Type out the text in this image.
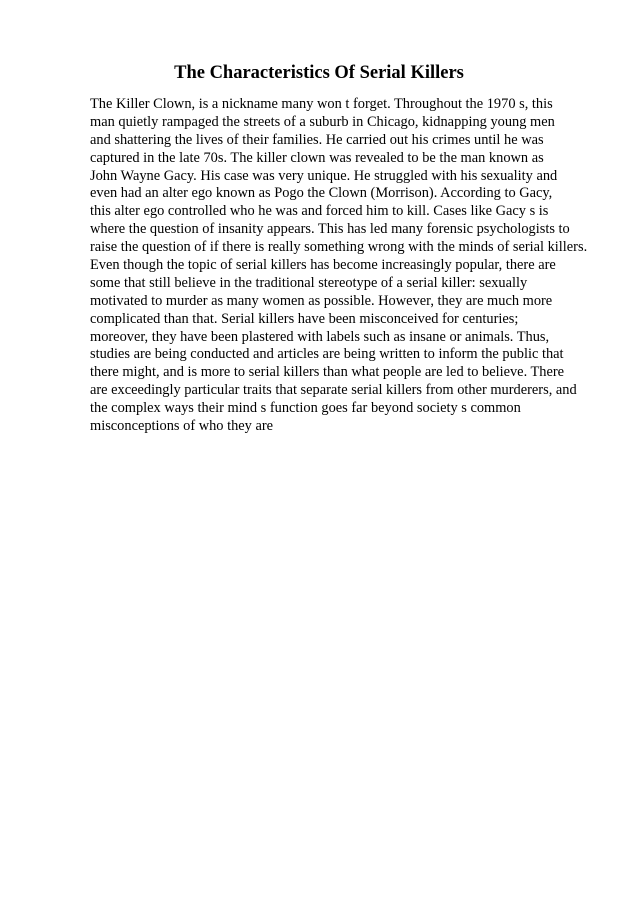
The Characteristics Of Serial Killers
The Killer Clown, is a nickname many won t forget. Throughout the 1970 s, this
man quietly rampaged the streets of a suburb in Chicago, kidnapping young men
and shattering the lives of their families. He carried out his crimes until he was
captured in the late 70s. The killer clown was revealed to be the man known as
John Wayne Gacy. His case was very unique. He struggled with his sexuality and
even had an alter ego known as Pogo the Clown (Morrison). According to Gacy,
this alter ego controlled who he was and forced him to kill. Cases like Gacy s is
where the question of insanity appears. This has led many forensic psychologists to
raise the question of if there is really something wrong with the minds of serial killers.
Even though the topic of serial killers has become increasingly popular, there are
some that still believe in the traditional stereotype of a serial killer: sexually
motivated to murder as many women as possible. However, they are much more
complicated than that. Serial killers have been misconceived for centuries;
moreover, they have been plastered with labels such as insane or animals. Thus,
studies are being conducted and articles are being written to inform the public that
there might, and is more to serial killers than what people are led to believe. There
are exceedingly particular traits that separate serial killers from other murderers, and
the complex ways their mind s function goes far beyond society s common
misconceptions of who they are
